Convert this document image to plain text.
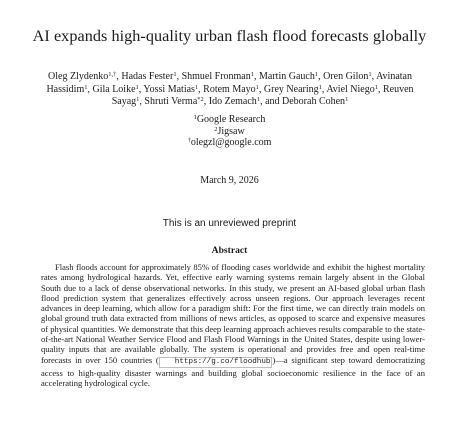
AI expands high-quality urban flash flood forecasts globally
Oleg Zlydenko$^{1,\dagger}$, Hadas Fester$^1$, Shmuel Fronman$^1$, Martin Gauch$^1$, Oren Gilon$^1$, Avinatan Hassidim$^1$, Gila Loike$^1$, Yossi Matias$^1$, Rotem Mayo$^1$, Grey Nearing$^1$, Aviel Niego$^1$, Reuven Sayag$^1$, Shruti Verma$^{*2}$, Ido Zemach$^1$, and Deborah Cohen$^1$
$^1$Google Research
$^2$Jigsaw
†olegzl@google.com
March 9, 2026
This is an unreviewed preprint
Abstract

Flash floods account for approximately 85% of flooding cases worldwide and exhibit the highest mortality rates among hydrological hazards. Yet, effective early warning systems remain largely absent in the Global South due to a lack of dense observational networks. In this study, we present an AI-based global urban flash flood prediction system that generalizes effectively across unseen regions. Our approach leverages recent advances in deep learning, which allow for a paradigm shift: For the first time, we can directly train models on global ground truth data extracted from millions of news articles, as opposed to scarce and expensive measures of physical quantities. We demonstrate that this deep learning approach achieves results comparable to the state-of-the-art National Weather Service Flood and Flash Flood Warnings in the United States, despite using lower-quality inputs that are available globally. The system is operational and provides free and open real-time forecasts in over 150 countries ( https://g.co/floodhub )—a significant step toward democratizing access to high-quality disaster warnings and building global socioeconomic resilience in the face of an accelerating hydrological cycle.
